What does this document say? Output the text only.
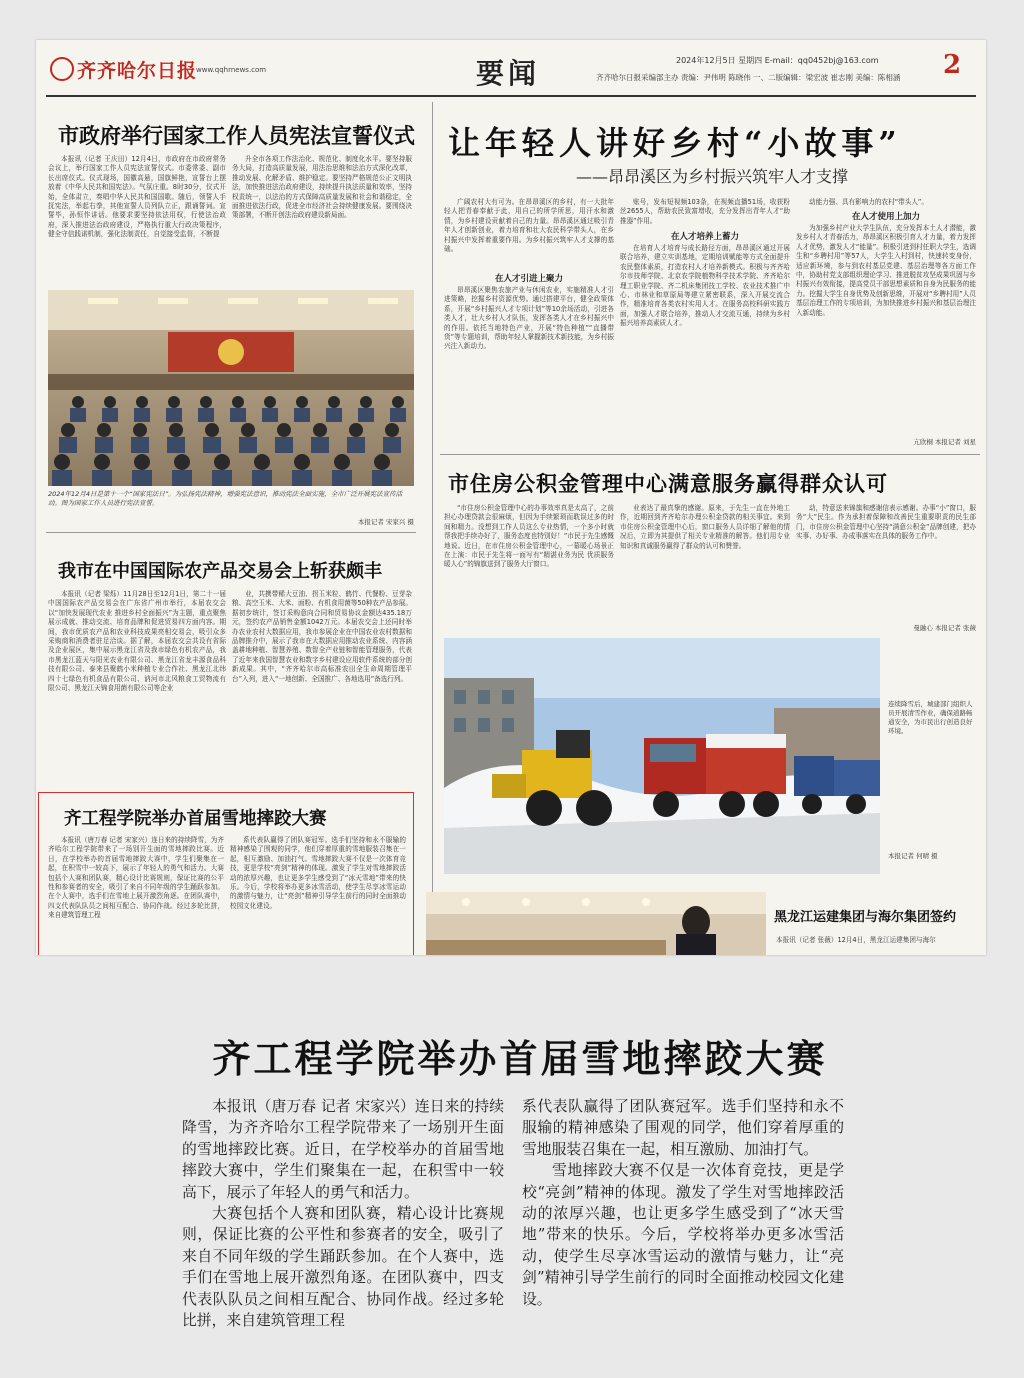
齐齐哈尔日报
www.qqhrnews.com	要闻	2024年12月5日 星期四 E-mail：qq0452bj@163.com
齐齐哈尔日报采编部主办 责编：尹伟明 陈晓伟 一、二版编辑：梁宏波 崔志刚 美编：陈相涵 2
市政府举行国家工作人员宪法宣誓仪式
本报讯（记者 王庆田）12月4日，市政府在市政府常务会议上，举行国家工作人员宪法宣誓仪式。市委常委、副市长出席仪式。仪式现场，国徽高悬，国旗鲜艳，宣誓台上摆放着《中华人民共和国宪法》。气氛庄重。8时30分，仪式开始，全体肃立，奏唱中华人民共和国国歌。随后，领誓人手抚宪法，举起右拳，其他宣誓人员列队立正，跟诵誓词。宣誓毕，孙恒作讲话。他要求要坚持依法用权，行使法治政府，深入推进法治政府建设，严格执行重大行政决策程序，健全守信践诺机制，强化法制责任，自觉接受监督，不断提
升全市各项工作法治化、规范化、制度化水平。要坚持服务大局，打造高质量发展，用法治思维和法治方式深化改革，推动发展、化解矛盾、维护稳定。要坚持严格规范公正文明执法，加快推进法治政府建设，持续提升执法质量和效率，坚持权责统一，以法治的方式保障高质量发展和社会和谐稳定，全面推进依法行政，促进全市经济社会持续健康发展。要围绕决策部署，不断开创法治政府建设新局面。
2024年12月4日是第十一个“国家宪法日”。为弘扬宪法精神，增强宪法意识，推动宪法全面实施，全市广泛开展宪法宣传活动。图为国家工作人员进行宪法宣誓。
本报记者 宋家兴 摄
我市在中国国际农产品交易会上斩获颇丰
本报讯（记者 梁烁）11月28日至12月1日，第二十一届中国国际农产品交易会在广东省广州市举行，本届农交会以“加快发展现代农业 推进乡村全面振兴”为主题，重点聚焦展示成就、推动交流、培育品牌和促进贸易四方面内容。期间，我市优质农产品和农业科技成果亮相交易会，吸引众多采购商和消费者驻足洽谈。据了解，本届农交会共设有省际及企业展区，集中展示黑龙江省及我市绿色有机农产品，我市黑龙江蓝天与阳光农业有限公司、黑龙江省龙丰源食品科技有限公司、泰来县聚鹤小米种植专业合作社、黑龙江北纬四十七绿色有机食品有限公司、讷河市北风粮食工贸物流有限公司、黑龙江天锦食用菌有限公司等企业
业，共携带稀大豆油、拐玉米粒、鹤竹、代餐粉、豆芽杂粮、高空玉米、大米、面粉、有机食用菌等50种农产品参展。据初步统计，签订采购意向合同和贸易协议金额达435.18万元，签约农产品销售金额1042万元。本届农交会上还同时举办农业农村大数据应用，我市参展企业在中国农业农村数据和品牌推介中，展示了我市在大数据应用推动农业系统、内容涵盖耕地种植、智慧养殖、数智全产业链和智能管理服务，代表了近年来我国智慧农业和数字乡村建设应用软件系统的部分创新成果。其中，“齐齐哈尔市高标准农田全生命周期管理平台”入列，进入“一地创新、全国推广、各地选用”备选行列。
齐工程学院举办首届雪地摔跤大赛
本报讯（唐万春 记者 宋家兴）连日来的持续降雪，为齐齐哈尔工程学院带来了一场别开生面的雪地摔跤比赛。近日，在学校举办的首届雪地摔跤大赛中，学生们聚集在一起，在积雪中一较高下，展示了年轻人的勇气和活力。大赛包括个人赛和团队赛，精心设计比赛规则，保证比赛的公平性和参赛者的安全，吸引了来自不同年级的学生踊跃参加。在个人赛中，选手们在雪地上展开激烈角逐。在团队赛中，四支代表队队员之间相互配合、协同作战。经过多轮比拼，来自建筑管理工程
系代表队赢得了团队赛冠军。选手们坚持和永不服输的精神感染了围观的同学，他们穿着厚重的雪地服装召集在一起，相互激励、加油打气。雪地摔跤大赛不仅是一次体育竞技，更是学校“亮剑”精神的体现。激发了学生对雪地摔跤活动的浓厚兴趣，也让更多学生感受到了“冰天雪地”带来的快乐。今后，学校将举办更多冰雪活动，使学生尽享冰雪运动的激情与魅力，让“亮剑”精神引导学生前行的同时全面推动校园文化建设。
让年轻人讲好乡村“小故事”
——昂昂溪区为乡村振兴筑牢人才支撑
广阔农村大有可为。在昂昂溪区的乡村，有一大批年轻人把青春奉献于此，用自己的所学所思，用汗水和激情，为乡村建设贡献着自己的力量。昂昂溪区通过吸引青年人才创新创业，着力培育和壮大农民科学带头人，在乡村振兴中发挥着重要作用。为乡村振兴筑牢人才支撑的基础。
在人才引进上聚力
昂昂溪区聚焦农旅产业与休闲农业，实施精准人才引进策略，挖掘乡村资源优势。通过搭建平台，健全政策体系，开展“乡村振兴人才专项计划”等10余场活动，引进各类人才，壮大乡村人才队伍，发挥各类人才在乡村振兴中的作用。依托当地特色产业，开展“特色种植”“直播带货”等专题培训，帮助年轻人掌握新技术新技能，为乡村振兴注入新动力。
账号，发布短视频103条，在视频直播51场，收获粉丝2655人，帮助农民致富增收，充分发挥出青年人才“助推器”作用。
在人才培养上蓄力
在培育人才培育与成长路径方面，昂昂溪区通过开展联合培养，建立实训基地，定期培训赋能等方式全面提升农民整体素质，打造农村人才培养新模式。积极与齐齐哈尔市技师学院、北京农学院植物科学技术学院、齐齐哈尔理工职业学院、齐二机床集团技工学校、农业技术推广中心、市林业和草原局等建立紧密联系，深入开展交流合作，精准培育各类农村实用人才。在服务高校科研实践方面，加强人才联合培养，推动人才交流互通，持续为乡村振兴培养高素质人才。
动能力强、具有影响力的农村“带头人”。
在人才使用上加力
为加强乡村产业大学生队伍，充分发挥本土人才潜能，激发乡村人才青春活力，昂昂溪区积极引育人才力量，着力发挥人才优势，激发人才“能量”。积极引进到村任职大学生，选调生和“乡聘村用”等57人，大学生入村到村，快速转变身份，适应新环境，参与到农村基层党建、基层治理等各方面工作中，协助村党支部组织理论学习、推进脱贫攻坚成果巩固与乡村振兴有效衔接，提高党员干部思想素质和自身为民服务的能力。挖掘大学生自身优势及创新思维，开展对“乡聘村用”人员基层治理工作的专项培训，为加快推进乡村振兴和基层治理注入新动能。
亢欣桐 本报记者 刘星
市住房公积金管理中心满意服务赢得群众认可
“市住房公积金管理中心的办事效率真是太高了，之前担心办理贷款会很麻烦，但因为手续繁琐而耽误过多的时间和精力。没想到工作人员这么专业热情，一个多小时就帮我把手续办好了，服务态度也特别好！”市民于先生感慨地说。近日，在市住房公积金管理中心，一幕暖心场景正在上演：市民于先生将一面写有“精湛业务为民 优质服务暖人心”的锦旗送到了服务大厅窗口。
业表达了最真挚的感谢。原来，于先生一直在外地工作，近期回到齐齐哈尔办理公积金贷款的相关事宜。来到市住房公积金管理中心后，窗口服务人员详细了解他的情况后，立即为其提供了相关专业精准的解答。他们用专业知识和真诚服务赢得了群众的认可和赞誉。
动，特意送来锦旗和感谢信表示感谢。办事“小”窗口，服务“大”民生。作为承担着保障和改善民生重要职责的民生部门，市住房公积金管理中心坚持“满意公积金”品牌创建，把办实事、办好事、办成事落实在具体的服务工作中。
曼融心 本报记者 张薇
连续降雪后，城建部门组织人员开展清雪作业，确保道路畅通安全，为市民出行创造良好环境。
本报记者 何晴 摄
黑龙江运建集团与海尔集团签约
本报讯（记者 张薇）12月4日，黑龙江运建集团与海尔
齐工程学院举办首届雪地摔跤大赛

本报讯（唐万春 记者 宋家兴）连日来的持续降雪，为齐齐哈尔工程学院带来了一场别开生面的雪地摔跤比赛。近日，在学校举办的首届雪地摔跤大赛中，学生们聚集在一起，在积雪中一较高下，展示了年轻人的勇气和活力。

大赛包括个人赛和团队赛，精心设计比赛规则，保证比赛的公平性和参赛者的安全，吸引了来自不同年级的学生踊跃参加。在个人赛中，选手们在雪地上展开激烈角逐。在团队赛中，四支代表队队员之间相互配合、协同作战。经过多轮比拼，来自建筑管理工程

系代表队赢得了团队赛冠军。选手们坚持和永不服输的精神感染了围观的同学，他们穿着厚重的雪地服装召集在一起，相互激励、加油打气。

雪地摔跤大赛不仅是一次体育竞技，更是学校“亮剑”精神的体现。激发了学生对雪地摔跤活动的浓厚兴趣，也让更多学生感受到了“冰天雪地”带来的快乐。今后，学校将举办更多冰雪活动，使学生尽享冰雪运动的激情与魅力，让“亮剑”精神引导学生前行的同时全面推动校园文化建设。
